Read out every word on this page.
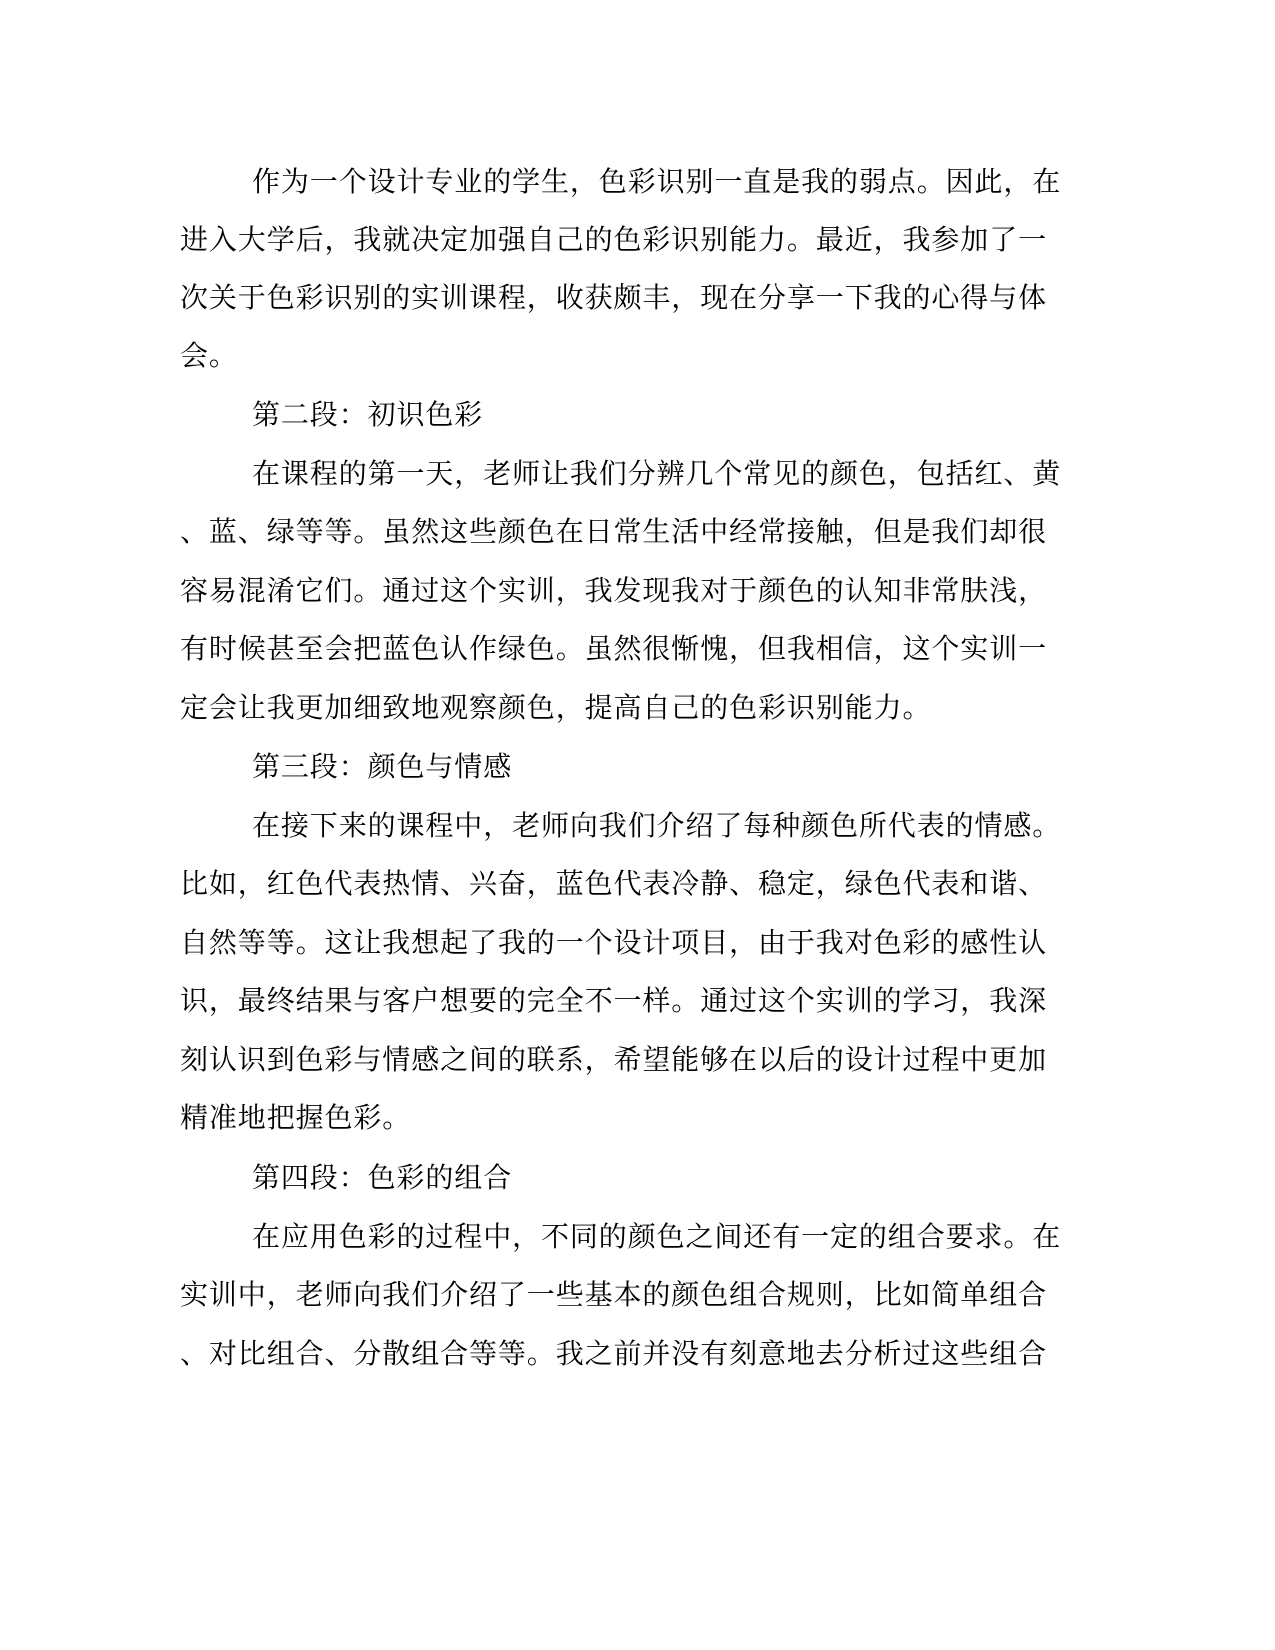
作为一个设计专业的学生，色彩识别一直是我的弱点。因此，在
进入大学后，我就决定加强自己的色彩识别能力。最近，我参加了一
次关于色彩识别的实训课程，收获颇丰，现在分享一下我的心得与体
会。
第二段：初识色彩
在课程的第一天，老师让我们分辨几个常见的颜色，包括红、黄
、蓝、绿等等。虽然这些颜色在日常生活中经常接触，但是我们却很
容易混淆它们。通过这个实训，我发现我对于颜色的认知非常肤浅，
有时候甚至会把蓝色认作绿色。虽然很惭愧，但我相信，这个实训一
定会让我更加细致地观察颜色，提高自己的色彩识别能力。
第三段：颜色与情感
在接下来的课程中，老师向我们介绍了每种颜色所代表的情感。
比如，红色代表热情、兴奋，蓝色代表冷静、稳定，绿色代表和谐、
自然等等。这让我想起了我的一个设计项目，由于我对色彩的感性认
识，最终结果与客户想要的完全不一样。通过这个实训的学习，我深
刻认识到色彩与情感之间的联系，希望能够在以后的设计过程中更加
精准地把握色彩。
第四段：色彩的组合
在应用色彩的过程中，不同的颜色之间还有一定的组合要求。在
实训中，老师向我们介绍了一些基本的颜色组合规则，比如简单组合
、对比组合、分散组合等等。我之前并没有刻意地去分析过这些组合
